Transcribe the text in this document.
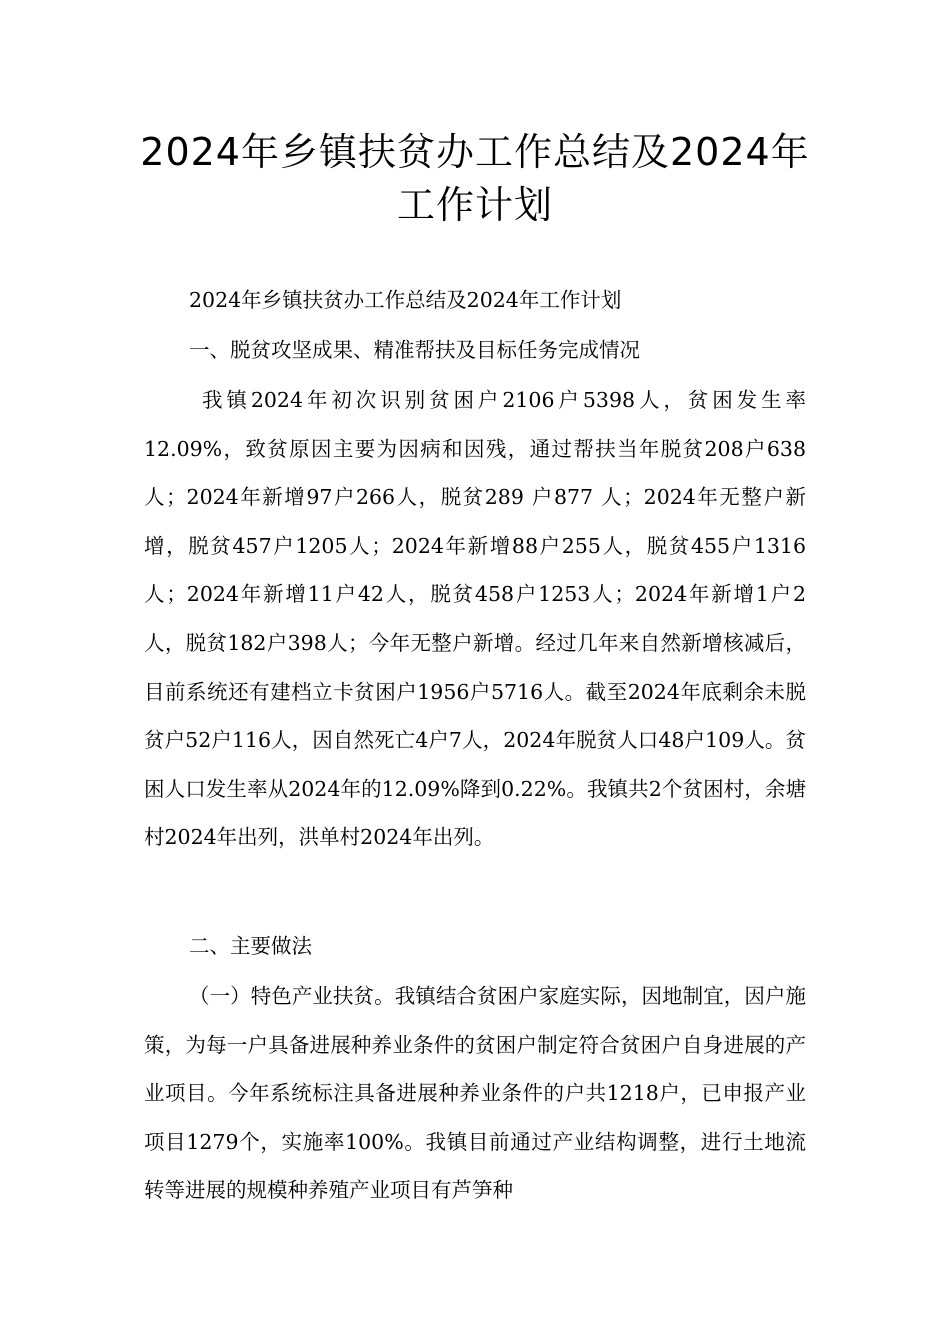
2024年乡镇扶贫办工作总结及2024年
工作计划

2024年乡镇扶贫办工作总结及2024年工作计划

一、脱贫攻坚成果、精准帮扶及目标任务完成情况

我镇2024年初次识别贫困户2106户5398人，贫困发生率12.09%，致贫原因主要为因病和因残，通过帮扶当年脱贫208户638人；2024年新增97户266人，脱贫289 户877 人；2024年无整户新增，脱贫457户1205人；2024年新增88户255人，脱贫455户1316人；2024年新增11户42人，脱贫458户1253人；2024年新增1户2人，脱贫182户398人；今年无整户新增。经过几年来自然新增核减后，目前系统还有建档立卡贫困户1956户5716人。截至2024年底剩余未脱贫户52户116人，因自然死亡4户7人，2024年脱贫人口48户109人。贫困人口发生率从2024年的12.09%降到0.22%。我镇共2个贫困村，余塘村2024年出列，洪单村2024年出列。

二、主要做法

（一）特色产业扶贫。我镇结合贫困户家庭实际，因地制宜，因户施策，为每一户具备进展种养业条件的贫困户制定符合贫困户自身进展的产业项目。今年系统标注具备进展种养业条件的户共1218户，已申报产业项目1279个，实施率100%。我镇目前通过产业结构调整，进行土地流转等进展的规模种养殖产业项目有芦笋种
